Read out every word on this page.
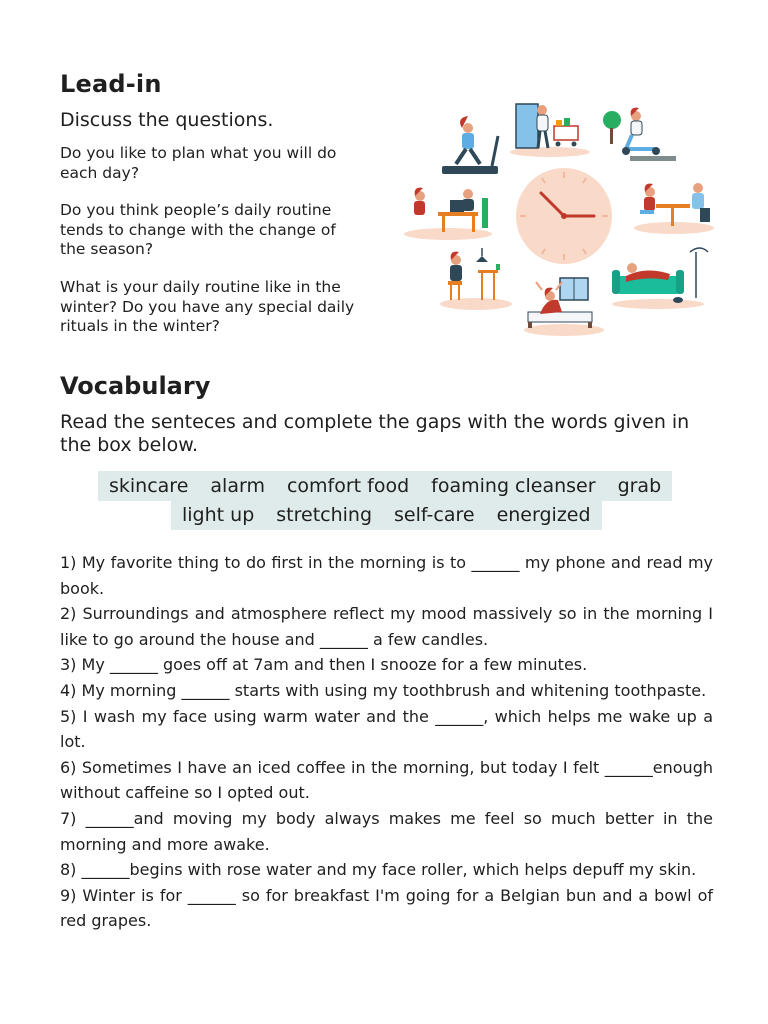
Lead-in
Discuss the questions.

Do you like to plan what you will do each day?

Do you think people’s daily routine tends to change with the change of the season?

What is your daily routine like in the winter? Do you have any special daily rituals in the winter?

Vocabulary

Read the senteces and complete the gaps with the words given in the box below.

skincare alarm comfort food foaming cleanser grab
light up stretching self-care energized
1) My favorite thing to do first in the morning is to ______ my phone and read my book.
2) Surroundings and atmosphere reflect my mood massively so in the morning I like to go around the house and ______ a few candles.
3) My ______ goes off at 7am and then I snooze for a few minutes.
4) My morning ______ starts with using my toothbrush and whitening toothpaste.
5) I wash my face using warm water and the ______, which helps me wake up a lot.
6) Sometimes I have an iced coffee in the morning, but today I felt ______enough without caffeine so I opted out.
7) ______and moving my body always makes me feel so much better in the morning and more awake.
8) ______begins with rose water and my face roller, which helps depuff my skin.
9) Winter is for ______ so for breakfast I'm going for a Belgian bun and a bowl of red grapes.
